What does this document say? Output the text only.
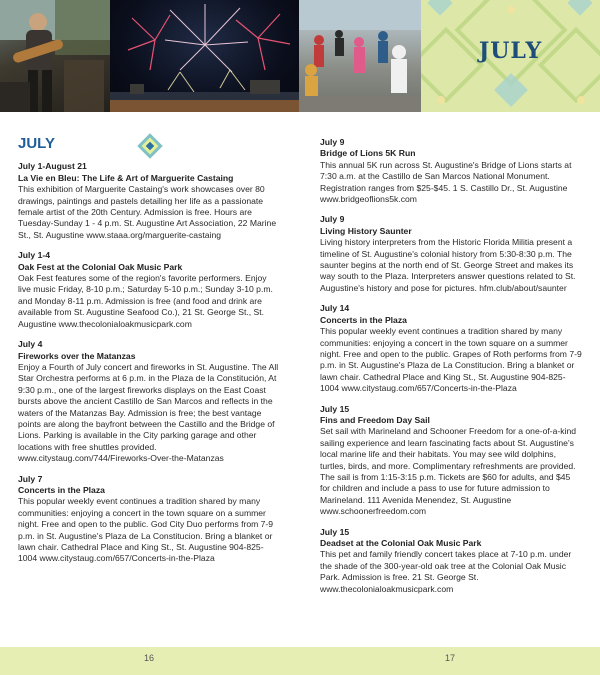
JULY
JULY
July 1-August 21
La Vie en Bleu: The Life & Art of Marguerite Castaing
This exhibition of Marguerite Castaing's work showcases over 80 drawings, paintings and pastels detailing her life as a passionate female artist of the 20th Century. Admission is free. Hours are Tuesday-Sunday 1 - 4 p.m. St. Augustine Art Association, 22 Marine St., St. Augustine www.staaa.org/marguerite-castaing
July 1-4
Oak Fest at the Colonial Oak Music Park
Oak Fest features some of the region's favorite performers. Enjoy live music Friday, 8-10 p.m.; Saturday 5-10 p.m.; Sunday 3-10 p.m. and Monday 8-11 p.m. Admission is free (and food and drink are available from St. Augustine Seafood Co.), 21 St. George St., St. Augustine www.thecolonialoakmusicpark.com
July 4
Fireworks over the Matanzas
Enjoy a Fourth of July concert and fireworks in St. Augustine. The All Star Orchestra performs at 6 p.m. in the Plaza de la Constitución, At 9:30 p.m., one of the largest fireworks displays on the East Coast bursts above the ancient Castillo de San Marcos and reflects in the waters of the Matanzas Bay. Admission is free; the best vantage points are along the bayfront between the Castillo and the Bridge of Lions. Parking is available in the City parking garage and other locations with free shuttles provided. www.citystaug.com/744/Fireworks-Over-the-Matanzas
July 7
Concerts in the Plaza
This popular weekly event continues a tradition shared by many communities: enjoying a concert in the town square on a summer night. Free and open to the public. God City Duo performs from 7-9 p.m. in St. Augustine's Plaza de La Constitucion. Bring a blanket or lawn chair. Cathedral Place and King St., St. Augustine 904-825-1004 www.citystaug.com/657/Concerts-in-the-Plaza
July 9
Bridge of Lions 5K Run
This annual 5K run across St. Augustine's Bridge of Lions starts at 7:30 a.m. at the Castillo de San Marcos National Monument. Registration ranges from $25-$45. 1 S. Castillo Dr., St. Augustine www.bridgeoflions5k.com
July 9
Living History Saunter
Living history interpreters from the Historic Florida Militia present a timeline of St. Augustine's colonial history from 5:30-8:30 p.m. The saunter begins at the north end of St. George Street and makes its way south to the Plaza. Interpreters answer questions related to St. Augustine's history and pose for pictures. hfm.club/about/saunter
July 14
Concerts in the Plaza
This popular weekly event continues a tradition shared by many communities: enjoying a concert in the town square on a summer night. Free and open to the public. Grapes of Roth performs from 7-9 p.m. in St. Augustine's Plaza de La Constitucion. Bring a blanket or lawn chair. Cathedral Place and King St., St. Augustine 904-825-1004 www.citystaug.com/657/Concerts-in-the-Plaza
July 15
Fins and Freedom Day Sail
Set sail with Marineland and Schooner Freedom for a one-of-a-kind sailing experience and learn fascinating facts about St. Augustine's local marine life and their habitats. You may see wild dolphins, turtles, birds, and more. Complimentary refreshments are provided. The sail is from 1:15-3:15 p.m. Tickets are $60 for adults, and $45 for children and include a pass to use for future admission to Marineland. 111 Avenida Menendez, St. Augustine www.schoonerfreedom.com
July 15
Deadset at the Colonial Oak Music Park
This pet and family friendly concert takes place at 7-10 p.m. under the shade of the 300-year-old oak tree at the Colonial Oak Music Park. Admission is free. 21 St. George St. www.thecolonialoakmusicpark.com
16	17
